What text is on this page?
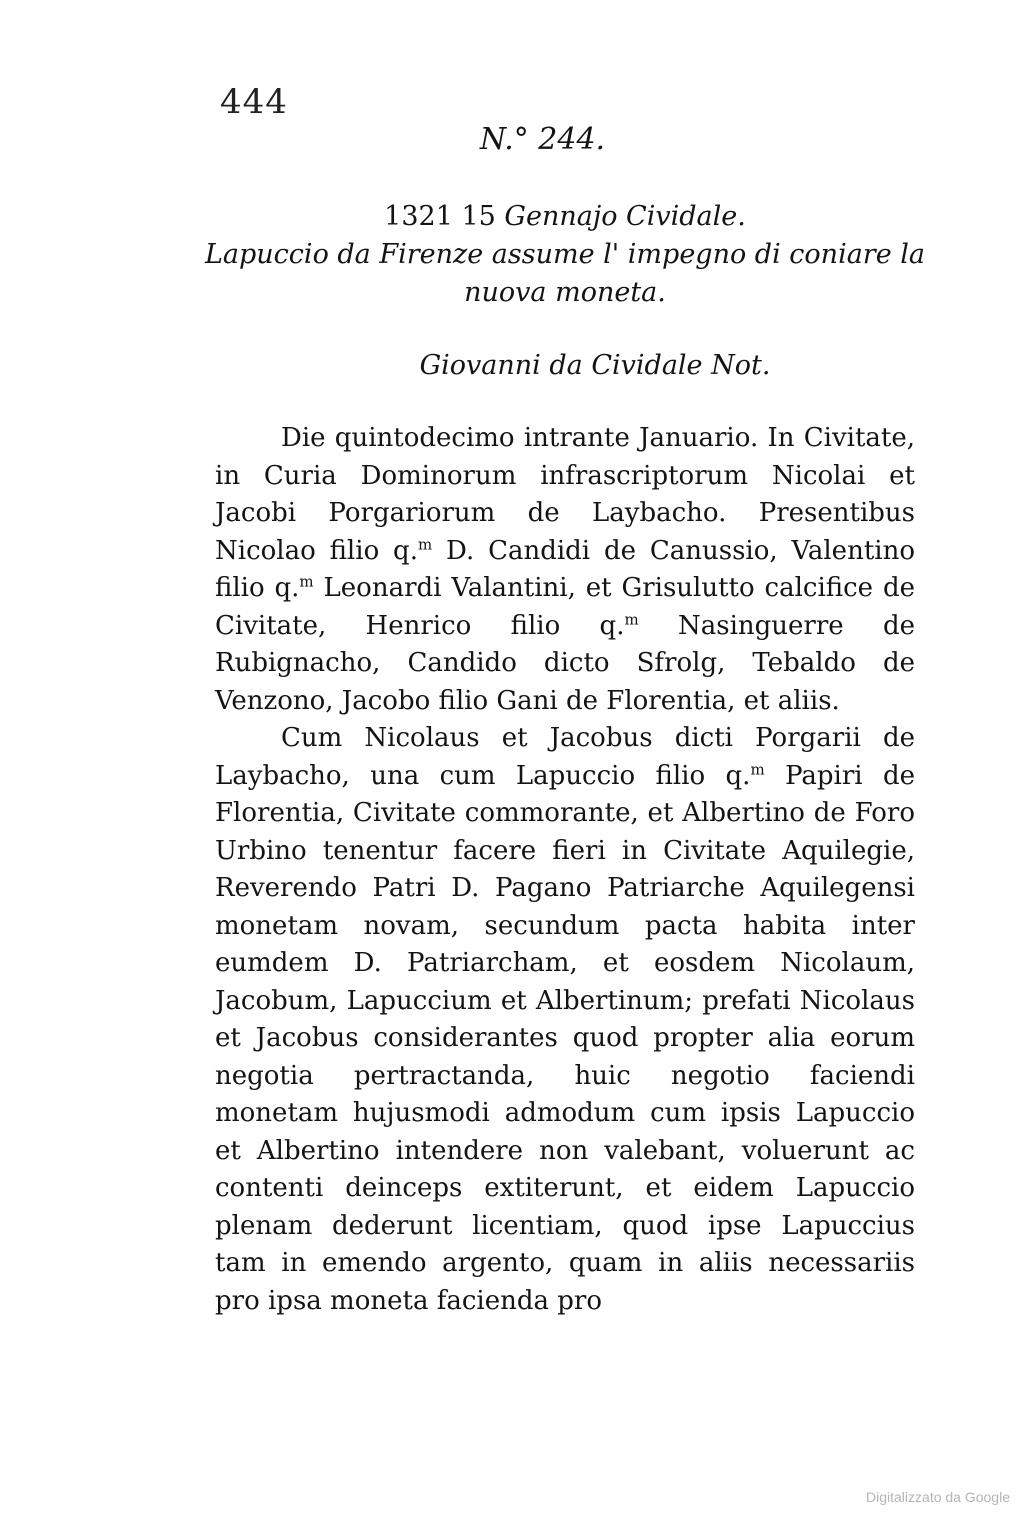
444
N.° 244.
1321 15 Gennajo Cividale.
Lapuccio da Firenze assume l' impegno di coniare la nuova moneta.
Giovanni da Cividale Not.

Die quintodecimo intrante Januario. In Civitate, in Curia Dominorum infrascriptorum Nicolai et Jacobi Porgariorum de Laybacho. Presentibus Nicolao filio q.$^m$ D. Candidi de Canussio, Valentino filio q.$^m$ Leonardi Valantini, et Grisulutto calcifice de Civitate, Henrico filio q.$^m$ Nasinguerre de Rubignacho, Candido dicto Sfrolg, Tebaldo de Venzono, Jacobo filio Gani de Florentia, et aliis.

Cum Nicolaus et Jacobus dicti Porgarii de Laybacho, una cum Lapuccio filio q.$^m$ Papiri de Florentia, Civitate commorante, et Albertino de Foro Urbino tenentur facere fieri in Civitate Aquilegie, Reverendo Patri D. Pagano Patriarche Aquilegensi monetam novam, secundum pacta habita inter eumdem D. Patriarcham, et eosdem Nicolaum, Jacobum, Lapuccium et Albertinum; prefati Nicolaus et Jacobus considerantes quod propter alia eorum negotia pertractanda, huic negotio faciendi monetam hujusmodi admodum cum ipsis Lapuccio et Albertino intendere non valebant, voluerunt ac contenti deinceps extiterunt, et eidem Lapuccio plenam dederunt licentiam, quod ipse Lapuccius tam in emendo argento, quam in aliis necessariis pro ipsa moneta facienda pro

Digitalizzato da Google
